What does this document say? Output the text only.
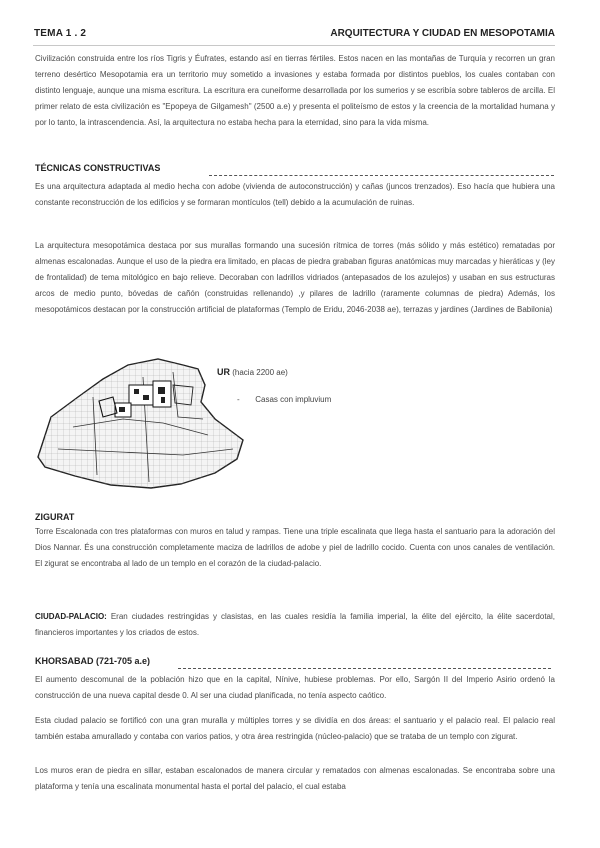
TEMA 1 . 2	ARQUITECTURA Y CIUDAD EN MESOPOTAMIA

Civilización construida entre los ríos Tigris y Éufrates, estando así en tierras fértiles. Estos nacen en las montañas de Turquía y recorren un gran terreno desértico Mesopotamia era un territorio muy sometido a invasiones y estaba formada por distintos pueblos, los cuales contaban con distinto lenguaje, aunque una misma escritura. La escritura era cuneiforme desarrollada por los sumerios y se escribía sobre tableros de arcilla. El primer relato de esta civilización es "Epopeya de Gilgamesh" (2500 a.e) y presenta el politeísmo de estos y la creencia de la mortalidad humana y por lo tanto, la intrascendencia. Así, la arquitectura no estaba hecha para la eternidad, sino para la vida misma.

TÉCNICAS CONSTRUCTIVAS

Es una arquitectura adaptada al medio hecha con adobe (vivienda de autoconstrucción) y cañas (juncos trenzados). Eso hacía que hubiera una constante reconstrucción de los edificios y se formaran montículos (tell) debido a la acumulación de ruinas.

La arquitectura mesopotámica destaca por sus murallas formando una sucesión rítmica de torres (más sólido y más estético) rematadas por almenas escalonadas. Aunque el uso de la piedra era limitado, en placas de piedra grababan figuras anatómicas muy marcadas y hieráticas y (ley de frontalidad) de tema mitológico en bajo relieve. Decoraban con ladrillos vidriados (antepasados de los azulejos) y usaban en sus estructuras arcos de medio punto, bóvedas de cañón (construidas rellenando) ,y pilares de ladrillo (raramente columnas de piedra) Además, los mesopotámicos destacan por la construcción artificial de plataformas (Templo de Eridu, 2046-2038 ae), terrazas y jardines (Jardines de Babilonia)

UR (hacia 2200 ae)
- Casas con impluvium
ZIGURAT

Torre Escalonada con tres plataformas con muros en talud y rampas. Tiene una triple escalinata que llega hasta el santuario para la adoración del Dios Nannar. És una construcción completamente maciza de ladrillos de adobe y piel de ladrillo cocido. Cuenta con unos canales de ventilación. El zigurat se encontraba al lado de un templo en el corazón de la ciudad-palacio.

CIUDAD-PALACIO: Eran ciudades restringidas y clasistas, en las cuales residía la familia imperial, la élite del ejército, la élite sacerdotal, financieros importantes y los criados de estos.

KHORSABAD (721-705 a.e)

El aumento descomunal de la población hizo que en la capital, Nínive, hubiese problemas. Por ello, Sargón II del Imperio Asirio ordenó la construcción de una nueva capital desde 0. Al ser una ciudad planificada, no tenía aspecto caótico.

Esta ciudad palacio se fortificó con una gran muralla y múltiples torres y se dividía en dos áreas: el santuario y el palacio real. El palacio real también estaba amurallado y contaba con varios patios, y otra área restringida (núcleo-palacio) que se trataba de un templo con zigurat.

Los muros eran de piedra en sillar, estaban escalonados de manera circular y rematados con almenas escalonadas. Se encontraba sobre una plataforma y tenía una escalinata monumental hasta el portal del palacio, el cual estaba
